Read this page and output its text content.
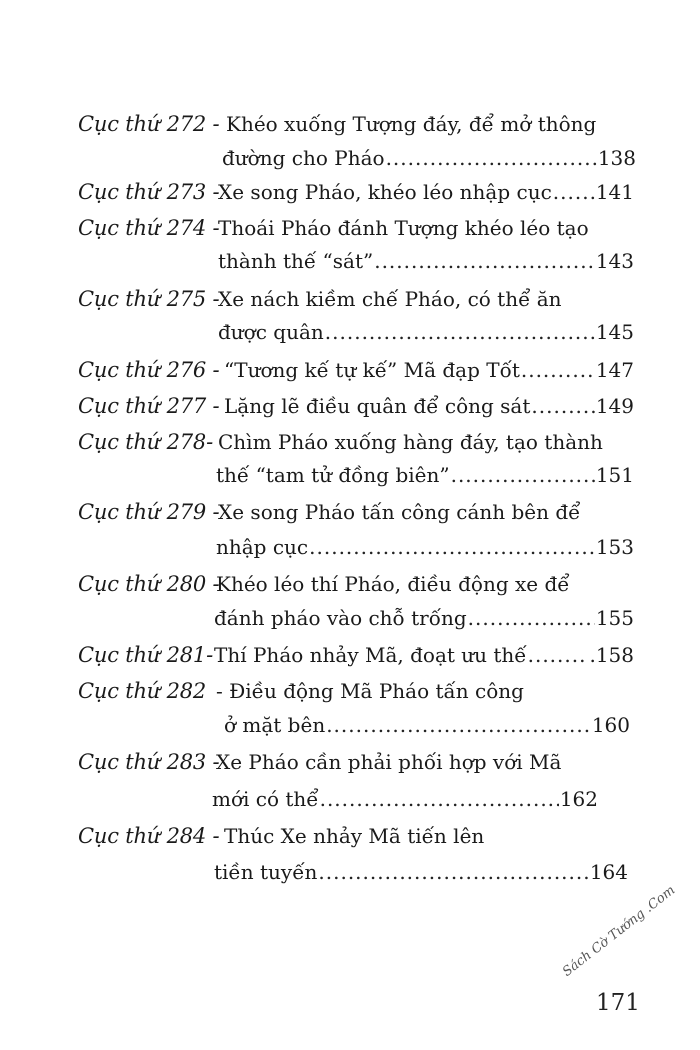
Cục thứ 272 - Khéo xuống Tượng đáy, để mở thông
đường cho Pháo .....	138
Cục thứ 273 -
Xe song Pháo, khéo léo nhập cục ..... 141
Cục thứ 274 -
Thoái Pháo đánh Tượng khéo léo tạo
thành thế “sát” .....	143
Cục thứ 275 -
Xe nách kiềm chế Pháo, có thể ăn
được quân .....	145
Cục thứ 276 - “Tương kế tự kế” Mã đạp Tốt .....	147
Cục thứ 277 - Lặng lẽ điều quân để công sát .....	149
Cục thứ 278- Chìm Pháo xuống hàng đáy, tạo thành
thế “tam tử đồng biên” .....	151
Cục thứ 279 -
Xe song Pháo tấn công cánh bên để
nhập cục .....	153
Cục thứ 280 -
Khéo léo thí Pháo, điều động xe để
đánh pháo vào chỗ trống .....	155
Cục thứ 281- Thí Pháo nhảy Mã, đoạt ưu thế .....	.158
Cục thứ 282 - Điều động Mã Pháo tấn công
ở mặt bên .....	160
Cục thứ 283 -
Xe Pháo cần phải phối hợp với Mã
mới có thể .....	162
Cục thứ 284 - Thúc Xe nhảy Mã tiến lên
tiền tuyến .....	164
Sách Cờ Tướng .Com
171
